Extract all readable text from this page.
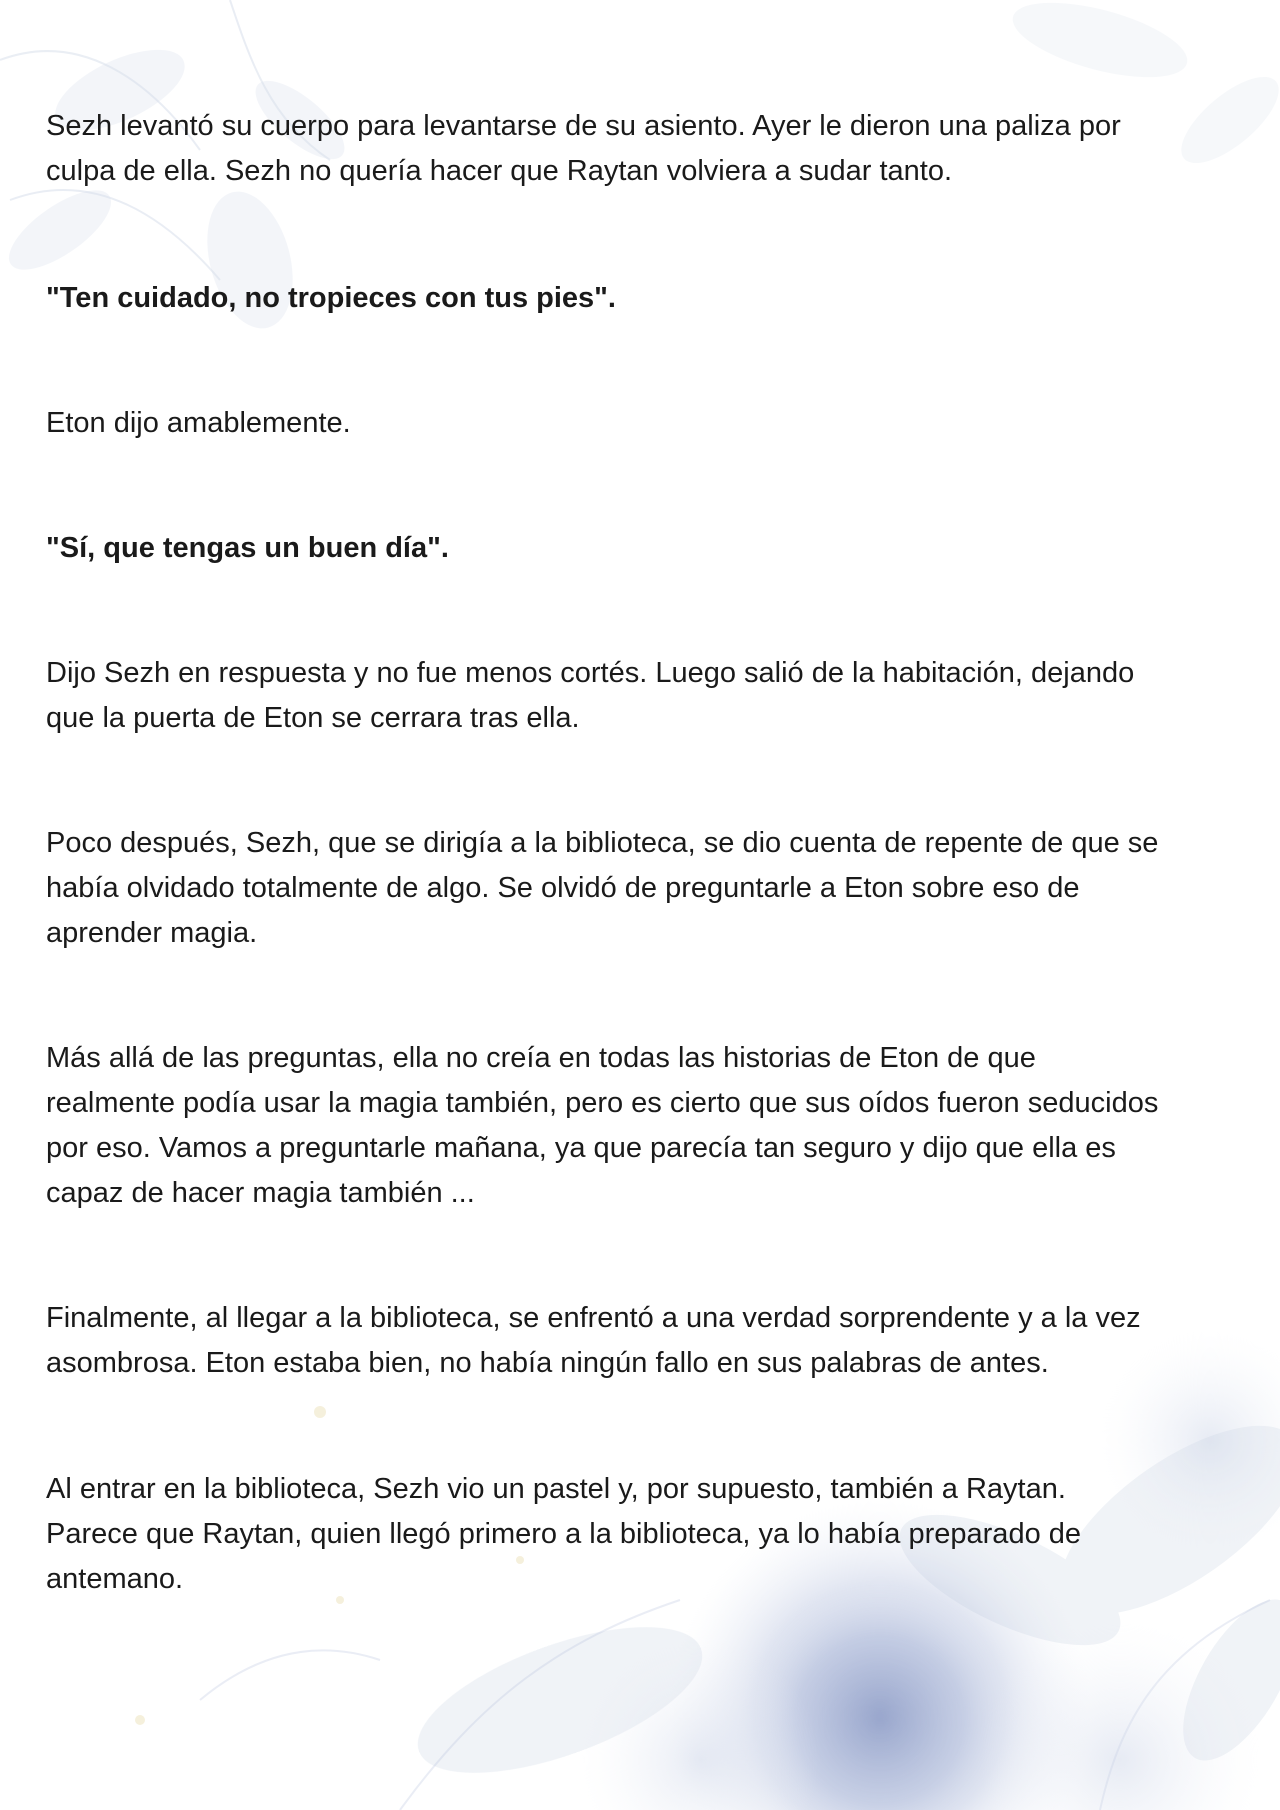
Sezh levantó su cuerpo para levantarse de su asiento. Ayer le dieron una paliza por
culpa de ella. Sezh no quería hacer que Raytan volviera a sudar tanto.

"Ten cuidado, no tropieces con tus pies".

Eton dijo amablemente.

"Sí, que tengas un buen día".

Dijo Sezh en respuesta y no fue menos cortés. Luego salió de la habitación, dejando
que la puerta de Eton se cerrara tras ella.

Poco después, Sezh, que se dirigía a la biblioteca, se dio cuenta de repente de que se
había olvidado totalmente de algo. Se olvidó de preguntarle a Eton sobre eso de
aprender magia.

Más allá de las preguntas, ella no creía en todas las historias de Eton de que
realmente podía usar la magia también, pero es cierto que sus oídos fueron seducidos
por eso. Vamos a preguntarle mañana, ya que parecía tan seguro y dijo que ella es
capaz de hacer magia también ...

Finalmente, al llegar a la biblioteca, se enfrentó a una verdad sorprendente y a la vez
asombrosa. Eton estaba bien, no había ningún fallo en sus palabras de antes.

Al entrar en la biblioteca, Sezh vio un pastel y, por supuesto, también a Raytan.
Parece que Raytan, quien llegó primero a la biblioteca, ya lo había preparado de
antemano.
